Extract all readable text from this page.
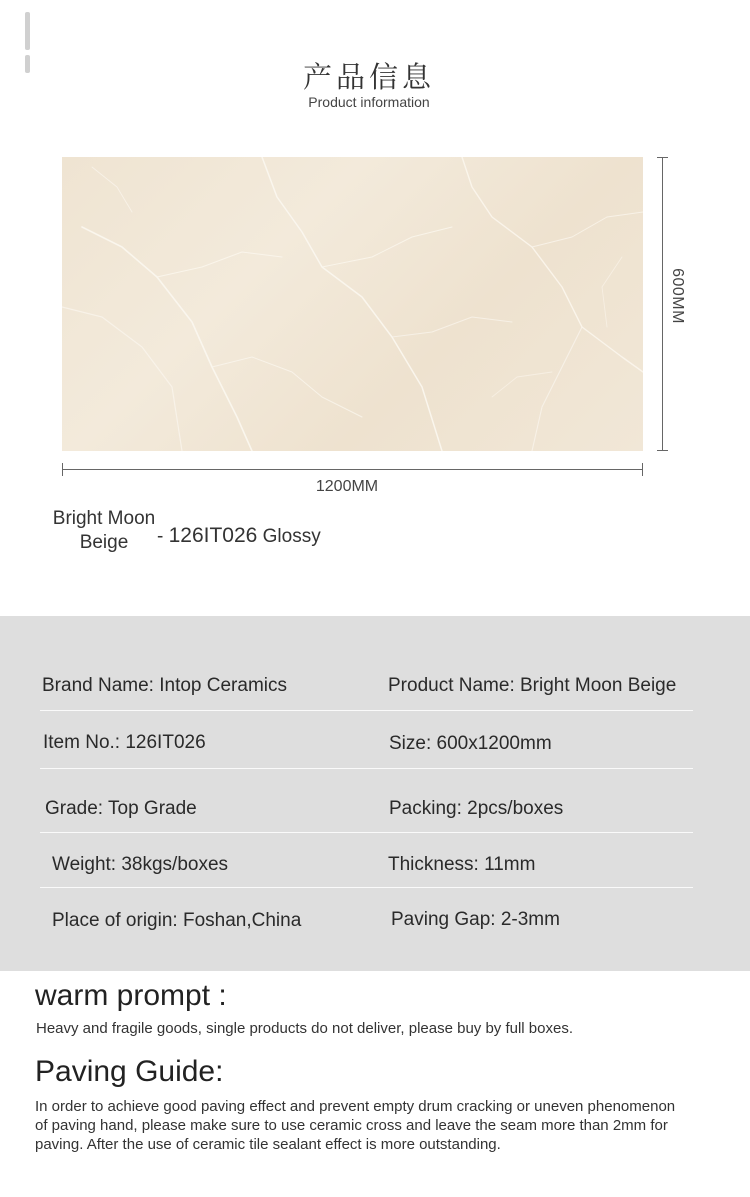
产品信息
Product information
600MM
1200MM
Bright Moon
Beige	- 126IT026 Glossy
Brand Name: Intop Ceramics	Product Name: Bright Moon Beige
Item No.: 126IT026	Size: 600x1200mm
Grade: Top Grade	Packing: 2pcs/boxes
Weight: 38kgs/boxes	Thickness: 11mm
Place of origin: Foshan,China	Paving Gap: 2-3mm
warm prompt :
Heavy and fragile goods, single products do not deliver, please buy by full boxes.
Paving Guide:
In order to achieve good paving effect and prevent empty drum cracking or uneven phenomenon
of paving hand, please make sure to use ceramic cross and leave the seam more than 2mm for
paving. After the use of ceramic tile sealant effect is more outstanding.
